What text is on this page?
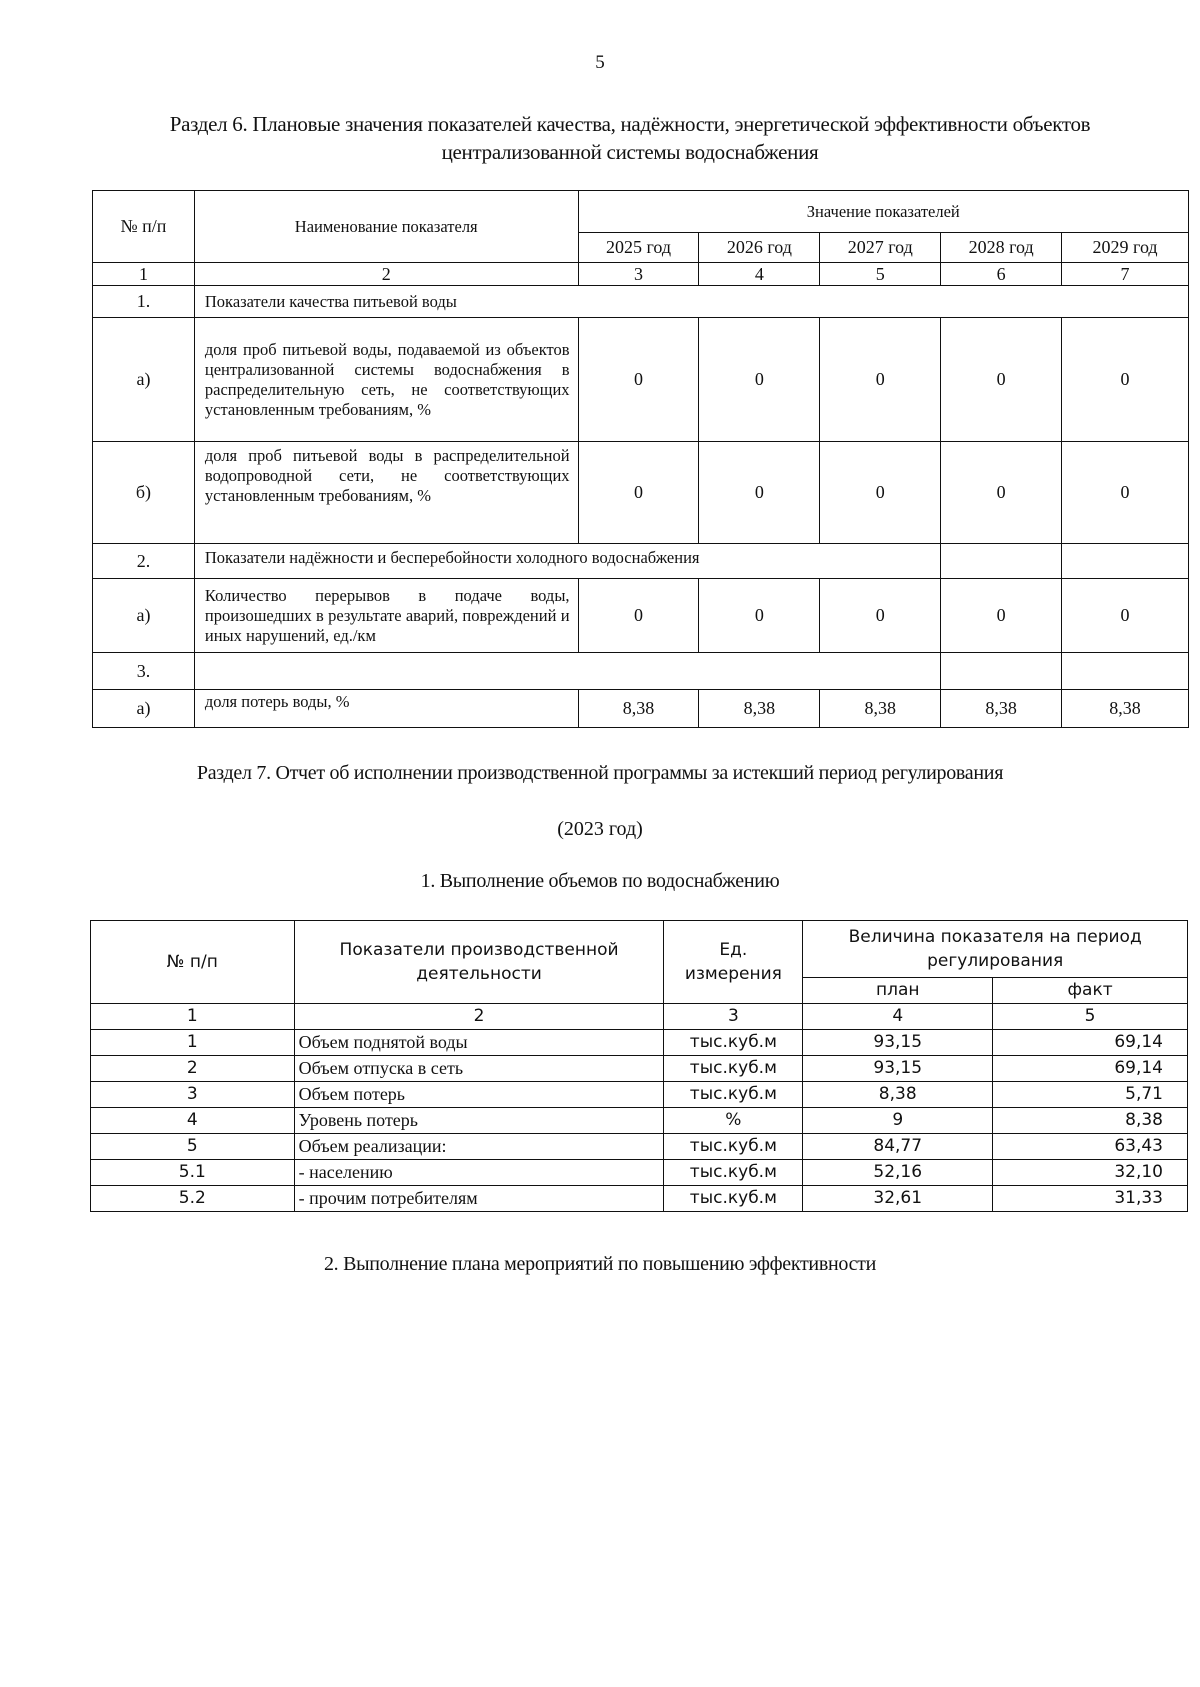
5
Раздел 6. Плановые значения показателей качества, надёжности, энергетической эффективности объектов
централизованной системы водоснабжения
№ п/п	Наименование показателя	Значение показателей				
		2025 год	2026 год	2027 год	2028 год	2029 год
1	2	3	4	5	6	7
1.	Показатели качества питьевой воды					
а)	доля проб питьевой воды, подаваемой из объектов централизованной системы водоснабжения в распределительную сеть, не соответствующих установленным требованиям, %	0	0	0	0	0
б)	доля проб питьевой воды в распределительной водопроводной сети, не соответствующих установленным требованиям, %	0	0	0	0	0
2.	Показатели надёжности и бесперебойности холодного водоснабжения					
а)	Количество перерывов в подаче воды, произошедших в результате аварий, повреждений и иных нарушений, ед./км	0	0	0	0	0
3.						
а)	доля потерь воды, %	8,38	8,38	8,38	8,38	8,38
Раздел 7. Отчет об исполнении производственной программы за истекший период регулирования
(2023 год)
1. Выполнение объемов по водоснабжению
№ п/п	Показатели производственной деятельности	Ед. измерения	Величина показателя на период регулирования	
			план	факт
1	2	3	4	5
1	Объем поднятой воды	тыс.куб.м	93,15	69,14
2	Объем отпуска в сеть	тыс.куб.м	93,15	69,14
3	Объем потерь	тыс.куб.м	8,38	5,71
4	Уровень потерь	%	9	8,38
5	Объем реализации:	тыс.куб.м	84,77	63,43
5.1	- населению	тыс.куб.м	52,16	32,10
5.2	- прочим потребителям	тыс.куб.м	32,61	31,33
2. Выполнение плана мероприятий по повышению эффективности
